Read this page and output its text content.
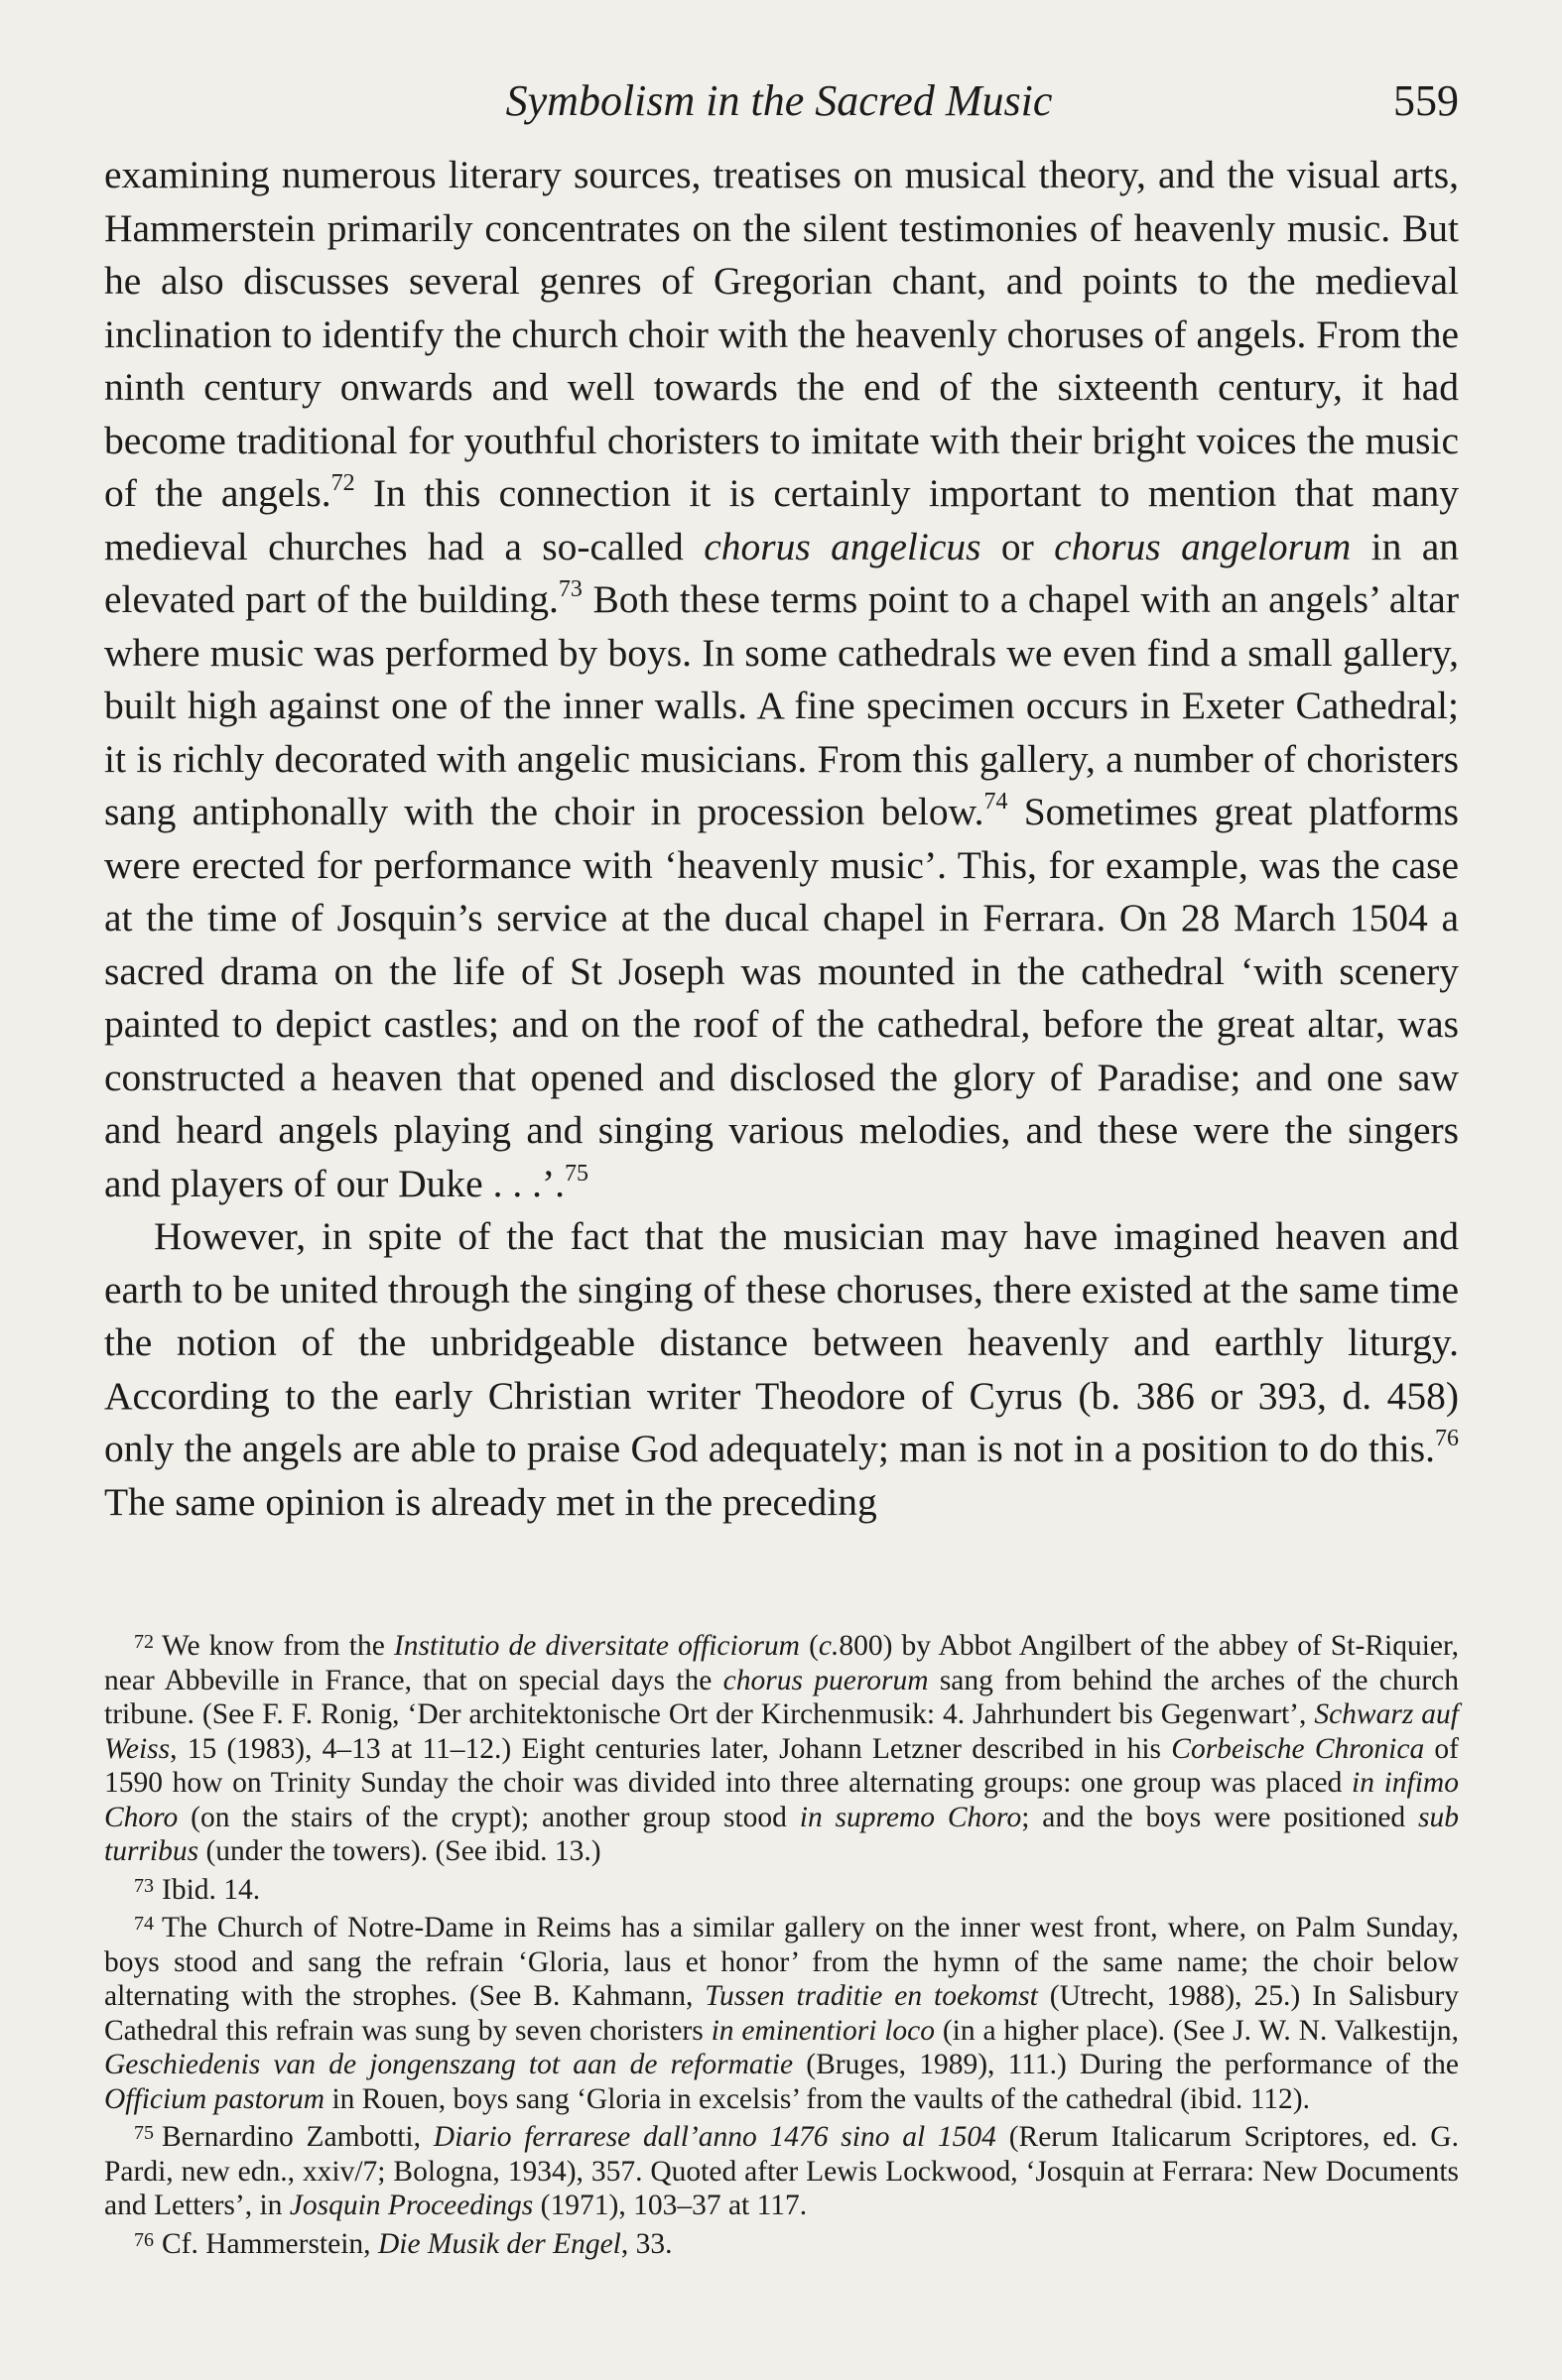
Symbolism in the Sacred Music	559

examining numerous literary sources, treatises on musical theory, and the visual arts, Hammerstein primarily concentrates on the silent testimonies of heavenly music. But he also discusses several genres of Gregorian chant, and points to the medieval inclination to identify the church choir with the heavenly choruses of angels. From the ninth century onwards and well towards the end of the sixteenth century, it had become traditional for youthful choristers to imitate with their bright voices the music of the angels.$^{72}$ In this connection it is certainly important to mention that many medieval churches had a so-called chorus angelicus or chorus angelorum in an elevated part of the building.$^{73}$ Both these terms point to a chapel with an angels’ altar where music was performed by boys. In some cathedrals we even find a small gallery, built high against one of the inner walls. A fine specimen occurs in Exeter Cathedral; it is richly decorated with angelic musicians. From this gallery, a number of choristers sang antiphonally with the choir in procession below.$^{74}$ Sometimes great platforms were erected for performance with ‘heavenly music’. This, for example, was the case at the time of Josquin’s service at the ducal chapel in Ferrara. On 28 March 1504 a sacred drama on the life of St Joseph was mounted in the cathedral ‘with scenery painted to depict castles; and on the roof of the cathedral, before the great altar, was constructed a heaven that opened and disclosed the glory of Paradise; and one saw and heard angels playing and singing various melodies, and these were the singers and players of our Duke . . .’.$^{75}$

However, in spite of the fact that the musician may have imagined heaven and earth to be united through the singing of these choruses, there existed at the same time the notion of the unbridgeable distance between heavenly and earthly liturgy. According to the early Christian writer Theodore of Cyrus (b. 386 or 393, d. 458) only the angels are able to praise God adequately; man is not in a position to do this.$^{76}$ The same opinion is already met in the preceding

$^{72}$ We know from the Institutio de diversitate officiorum (c.800) by Abbot Angilbert of the abbey of St-Riquier, near Abbeville in France, that on special days the chorus puerorum sang from behind the arches of the church tribune. (See F. F. Ronig, ‘Der architektonische Ort der Kirchenmusik: 4. Jahrhundert bis Gegenwart’, Schwarz auf Weiss, 15 (1983), 4–13 at 11–12.) Eight centuries later, Johann Letzner described in his Corbeische Chronica of 1590 how on Trinity Sunday the choir was divided into three alternating groups: one group was placed in infimo Choro (on the stairs of the crypt); another group stood in supremo Choro; and the boys were positioned sub turribus (under the towers). (See ibid. 13.)

$^{73}$ Ibid. 14.

$^{74}$ The Church of Notre-Dame in Reims has a similar gallery on the inner west front, where, on Palm Sunday, boys stood and sang the refrain ‘Gloria, laus et honor’ from the hymn of the same name; the choir below alternating with the strophes. (See B. Kahmann, Tussen traditie en toekomst (Utrecht, 1988), 25.) In Salisbury Cathedral this refrain was sung by seven choristers in eminentiori loco (in a higher place). (See J. W. N. Valkestijn, Geschiedenis van de jongenszang tot aan de reformatie (Bruges, 1989), 111.) During the performance of the Officium pastorum in Rouen, boys sang ‘Gloria in excelsis’ from the vaults of the cathedral (ibid. 112).

$^{75}$ Bernardino Zambotti, Diario ferrarese dall’anno 1476 sino al 1504 (Rerum Italicarum Scriptores, ed. G. Pardi, new edn., xxiv/7; Bologna, 1934), 357. Quoted after Lewis Lockwood, ‘Josquin at Ferrara: New Documents and Letters’, in Josquin Proceedings (1971), 103–37 at 117.

$^{76}$ Cf. Hammerstein, Die Musik der Engel, 33.
